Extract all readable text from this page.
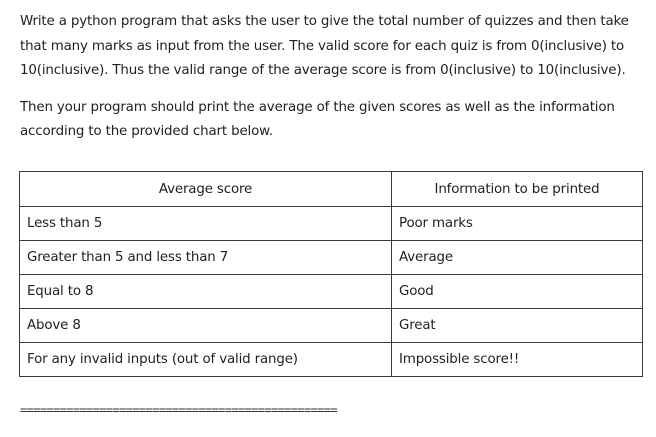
Write a python program that asks the user to give the total number of quizzes and then take that many marks as input from the user. The valid score for each quiz is from 0(inclusive) to 10(inclusive). Thus the valid range of the average score is from 0(inclusive) to 10(inclusive).

Then your program should print the average of the given scores as well as the information according to the provided chart below.

Average score	Information to be printed
Less than 5	Poor marks
Greater than 5 and less than 7	Average
Equal to 8	Good
Above 8	Great
For any invalid inputs (out of valid range)	Impossible score!!
================================================
